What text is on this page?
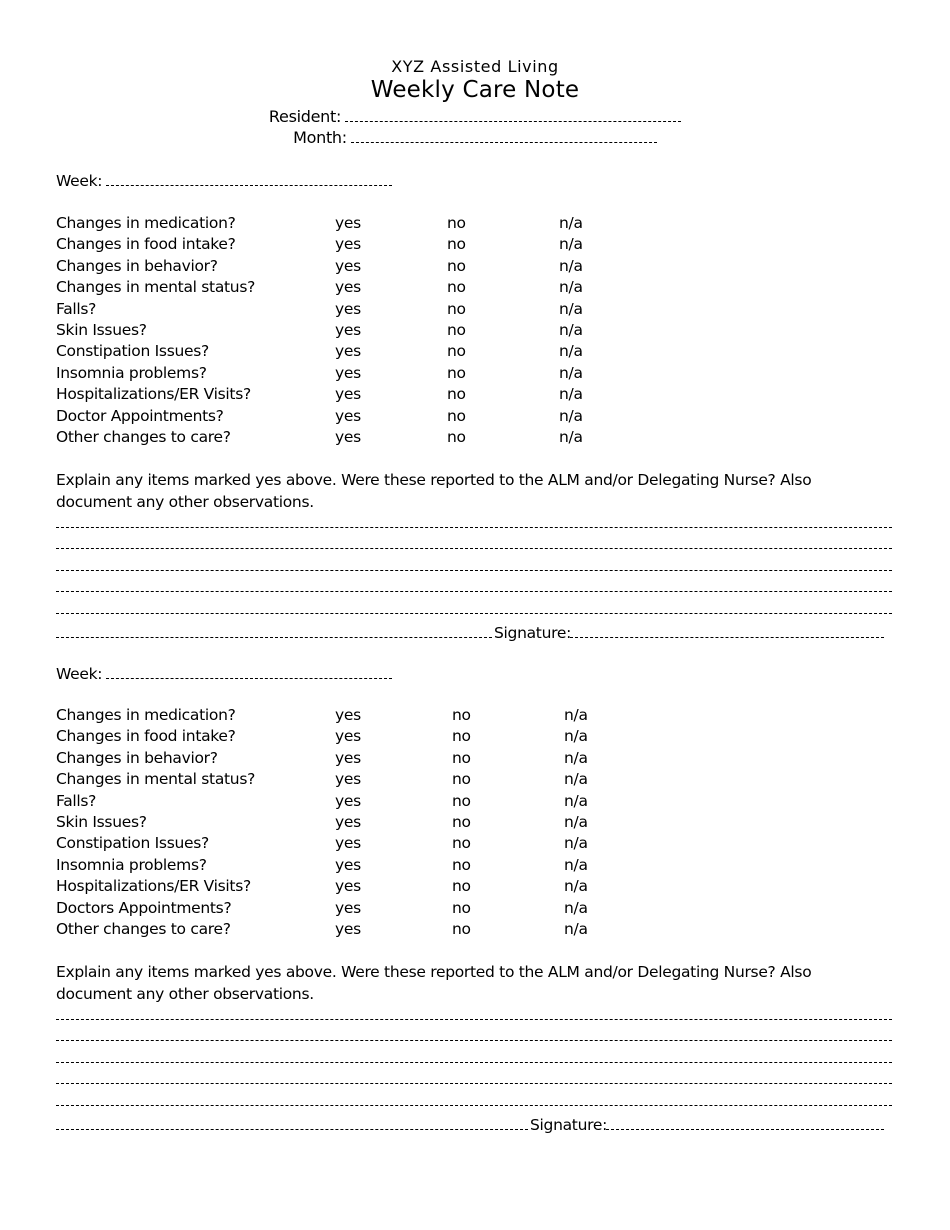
XYZ Assisted Living
Weekly Care Note
Resident:
Month:
Week:
Changes in medication?	yes	no	n/a
Changes in food intake?	yes	no	n/a
Changes in behavior?	yes	no	n/a
Changes in mental status?	yes	no	n/a
Falls?	yes	no	n/a
Skin Issues?	yes	no	n/a
Constipation Issues?	yes	no	n/a
Insomnia problems?	yes	no	n/a
Hospitalizations/ER Visits?	yes	no	n/a
Doctor Appointments?	yes	no	n/a
Other changes to care?	yes	no	n/a
Explain any items marked yes above. Were these reported to the ALM and/or Delegating Nurse? Also document any other observations.
Signature:
Week:
Changes in medication?	yes	no	n/a
Changes in food intake?	yes	no	n/a
Changes in behavior?	yes	no	n/a
Changes in mental status?	yes	no	n/a
Falls?	yes	no	n/a
Skin Issues?	yes	no	n/a
Constipation Issues?	yes	no	n/a
Insomnia problems?	yes	no	n/a
Hospitalizations/ER Visits?	yes	no	n/a
Doctors Appointments?	yes	no	n/a
Other changes to care?	yes	no	n/a
Explain any items marked yes above. Were these reported to the ALM and/or Delegating Nurse? Also document any other observations.
Signature:
